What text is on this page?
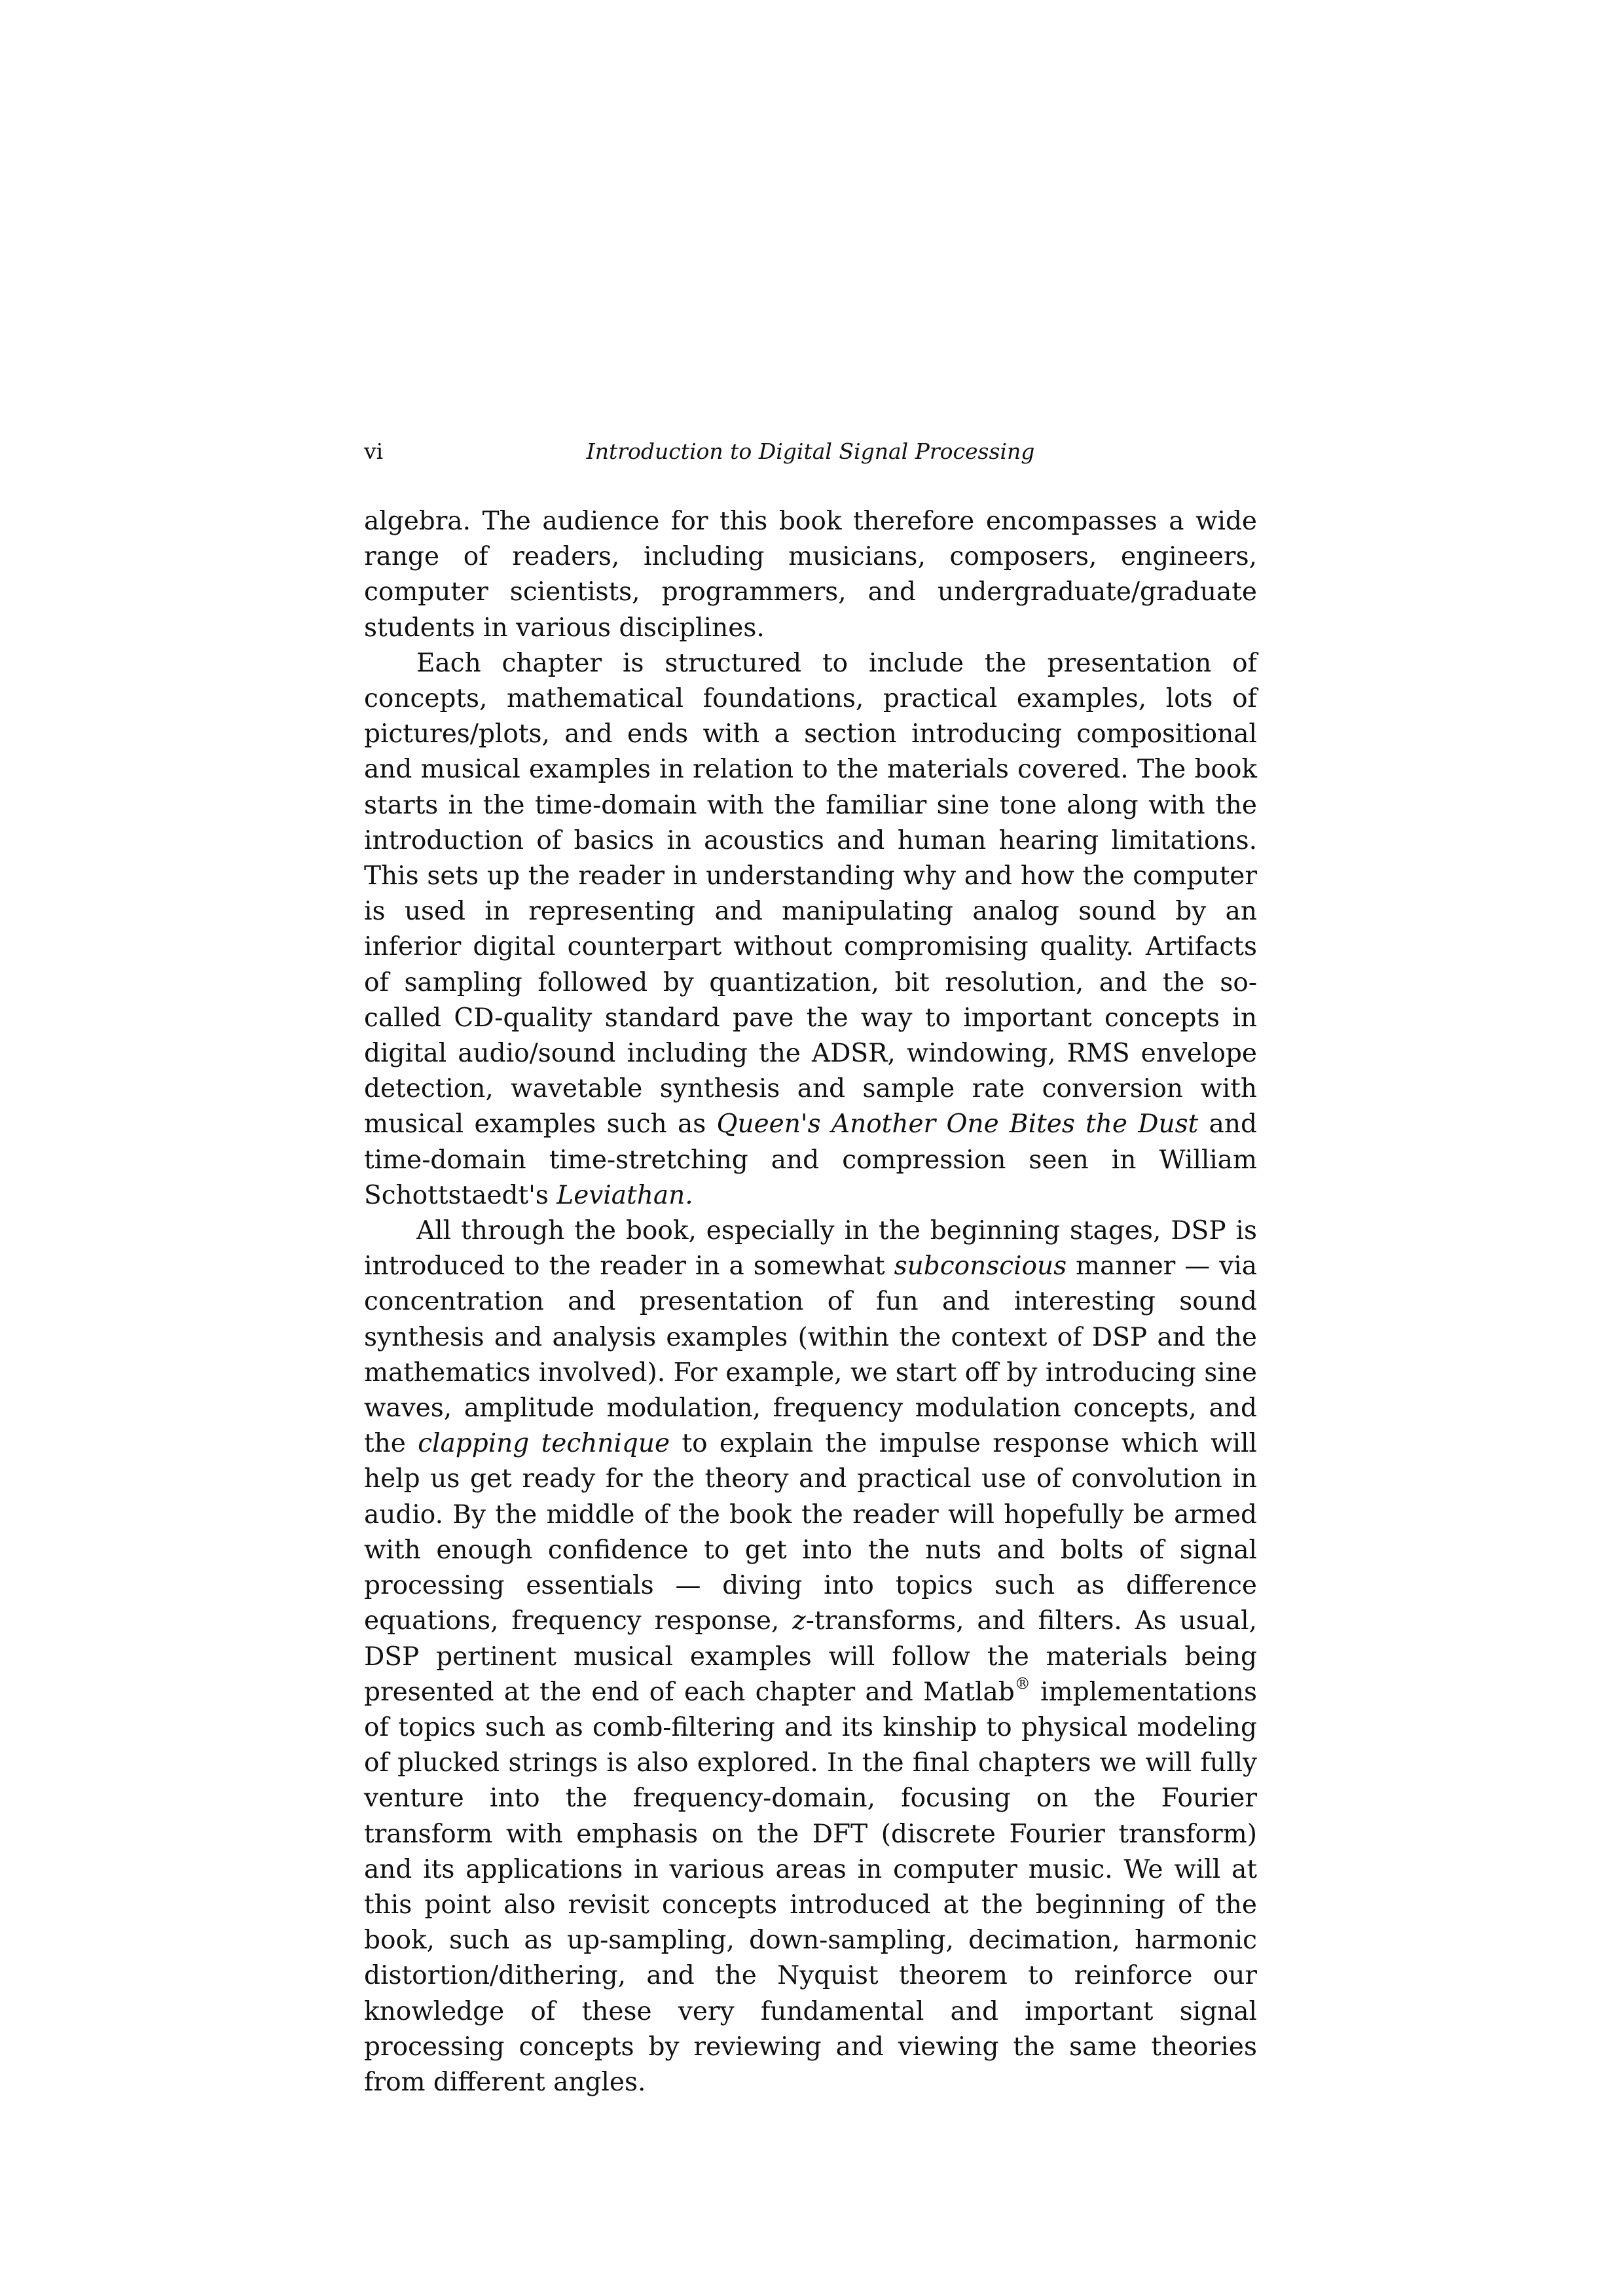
vi	Introduction to Digital Signal Processing

algebra. The audience for this book therefore encompasses a wide range of readers, including musicians, composers, engineers, computer scientists, programmers, and undergraduate/graduate students in various disciplines.

Each chapter is structured to include the presentation of concepts, mathematical foundations, practical examples, lots of pictures/plots, and ends with a section introducing compositional and musical examples in relation to the materials covered. The book starts in the time-domain with the familiar sine tone along with the introduction of basics in acoustics and human hearing limitations. This sets up the reader in understanding why and how the computer is used in representing and manipulating analog sound by an inferior digital counterpart without compromising quality. Artifacts of sampling followed by quantization, bit resolution, and the so-called CD-quality standard pave the way to important concepts in digital audio/sound including the ADSR, windowing, RMS envelope detection, wavetable synthesis and sample rate conversion with musical examples such as Queen's Another One Bites the Dust and time-domain time-stretching and compression seen in William Schottstaedt's Leviathan.

All through the book, especially in the beginning stages, DSP is introduced to the reader in a somewhat subconscious manner — via concentration and presentation of fun and interesting sound synthesis and analysis examples (within the context of DSP and the mathematics involved). For example, we start off by introducing sine waves, amplitude modulation, frequency modulation concepts, and the clapping technique to explain the impulse response which will help us get ready for the theory and practical use of convolution in audio. By the middle of the book the reader will hopefully be armed with enough confidence to get into the nuts and bolts of signal processing essentials — diving into topics such as difference equations, frequency response, z-transforms, and filters. As usual, DSP pertinent musical examples will follow the materials being presented at the end of each chapter and Matlab® implementations of topics such as comb-filtering and its kinship to physical modeling of plucked strings is also explored. In the final chapters we will fully venture into the frequency-domain, focusing on the Fourier transform with emphasis on the DFT (discrete Fourier transform) and its applications in various areas in computer music. We will at this point also revisit concepts introduced at the beginning of the book, such as up-sampling, down-sampling, decimation, harmonic distortion/dithering, and the Nyquist theorem to reinforce our knowledge of these very fundamental and important signal processing concepts by reviewing and viewing the same theories from different angles.
